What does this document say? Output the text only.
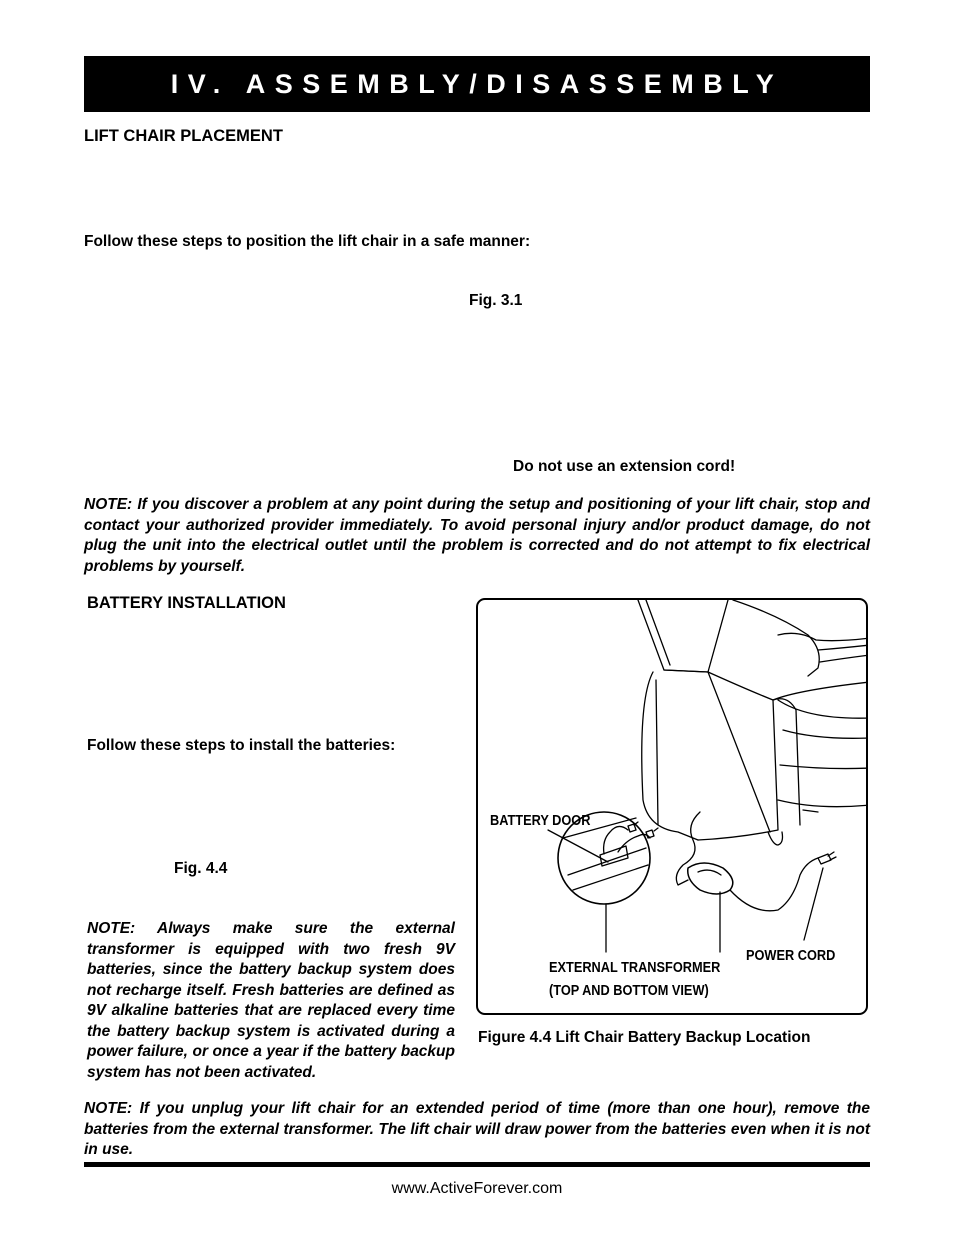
IV. ASSEMBLY/DISASSEMBLY
LIFT CHAIR PLACEMENT
Follow these steps to position the lift chair in a safe manner:
Fig. 3.1
Do not use an extension cord!
NOTE: If you discover a problem at any point during the setup and positioning of your lift chair, stop and contact your authorized provider immediately. To avoid personal injury and/or product damage, do not plug the unit into the electrical outlet until the problem is corrected and do not attempt to fix electrical problems by yourself.
BATTERY INSTALLATION
Follow these steps to install the batteries:
Fig. 4.4
NOTE: Always make sure the external transformer is equipped with two fresh 9V batteries, since the battery backup system does not recharge itself. Fresh batteries are defined as 9V alkaline batteries that are replaced every time the battery backup system is activated during a power failure, or once a year if the battery backup system has not been activated.
BATTERY DOOR
EXTERNAL TRANSFORMER
(TOP AND BOTTOM VIEW)
POWER CORD
Figure 4.4 Lift Chair Battery Backup Location
NOTE: If you unplug your lift chair for an extended period of time (more than one hour), remove the batteries from the external transformer. The lift chair will draw power from the batteries even when it is not in use.
www.ActiveForever.com
